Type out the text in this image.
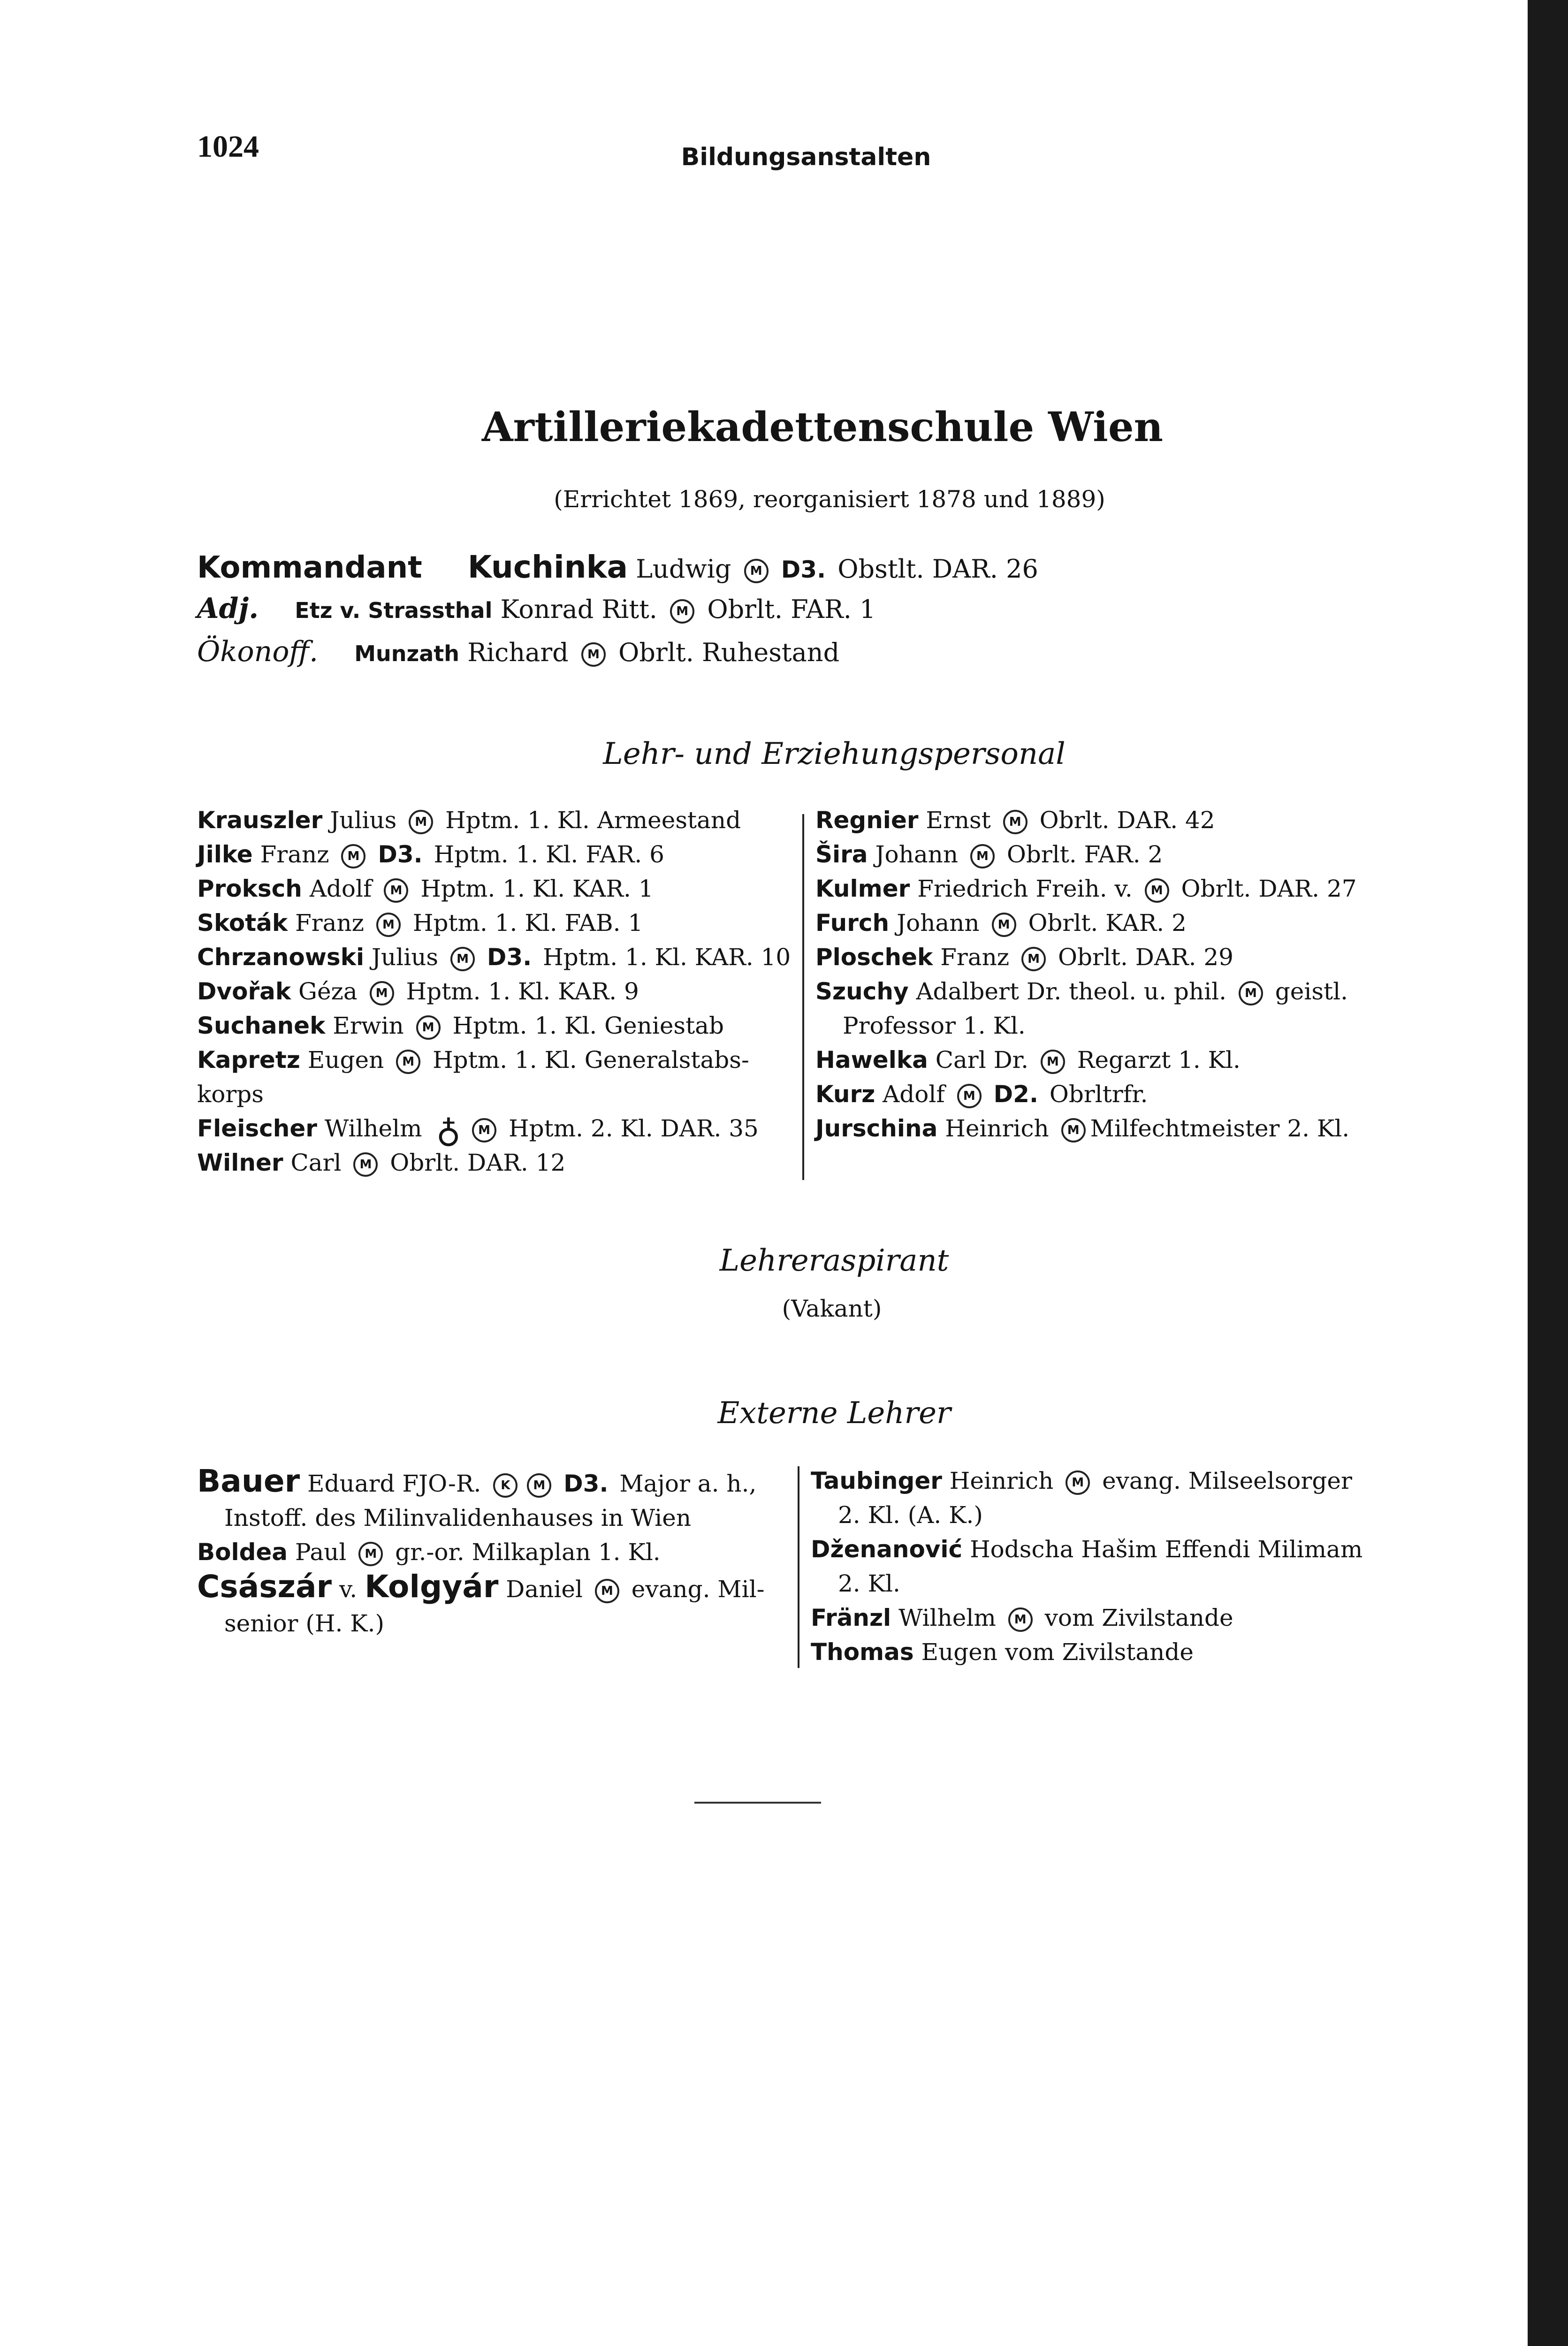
1024	Bildungsanstalten
Artilleriekadettenschule Wien
(Errichtet 1869, reorganisiert 1878 und 1889)
Kommandant Kuchinka Ludwig M D3. Obstlt. DAR. 26
Adj. Etz v. Strassthal Konrad Ritt. M Obrlt. FAR. 1
Ökonoff. Munzath Richard M Obrlt. Ruhestand
Lehr- und Erziehungspersonal
Krauszler Julius M Hptm. 1. Kl. Armeestand
Jilke Franz M D3. Hptm. 1. Kl. FAR. 6
Proksch Adolf M Hptm. 1. Kl. KAR. 1
Skoták Franz M Hptm. 1. Kl. FAB. 1
Chrzanowski Julius M D3. Hptm. 1. Kl. KAR. 10
Dvořak Géza M Hptm. 1. Kl. KAR. 9
Suchanek Erwin M Hptm. 1. Kl. Geniestab
Kapretz Eugen M Hptm. 1. Kl. Generalstabs-
korps
Fleischer Wilhelm ♁ M Hptm. 2. Kl. DAR. 35
Wilner Carl M Obrlt. DAR. 12
Regnier Ernst M Obrlt. DAR. 42
Šira Johann M Obrlt. FAR. 2
Kulmer Friedrich Freih. v. M Obrlt. DAR. 27
Furch Johann M Obrlt. KAR. 2
Ploschek Franz M Obrlt. DAR. 29
Szuchy Adalbert Dr. theol. u. phil. M geistl.
Professor 1. Kl.
Hawelka Carl Dr. M Regarzt 1. Kl.
Kurz Adolf M D2. Obrltrfr.
Jurschina Heinrich M Milfechtmeister 2. Kl.
Lehreraspirant
(Vakant)
Externe Lehrer
Bauer Eduard FJO-R. K M D3. Major a. h.,
Instoff. des Milinvalidenhauses in Wien
Boldea Paul M gr.-or. Milkaplan 1. Kl.
Császár v. Kolgyár Daniel M evang. Mil-
senior (H. K.)
Taubinger Heinrich M evang. Milseelsorger
2. Kl. (A. K.)
Dženanović Hodscha Hašim Effendi Milimam
2. Kl.
Fränzl Wilhelm M vom Zivilstande
Thomas Eugen vom Zivilstande
